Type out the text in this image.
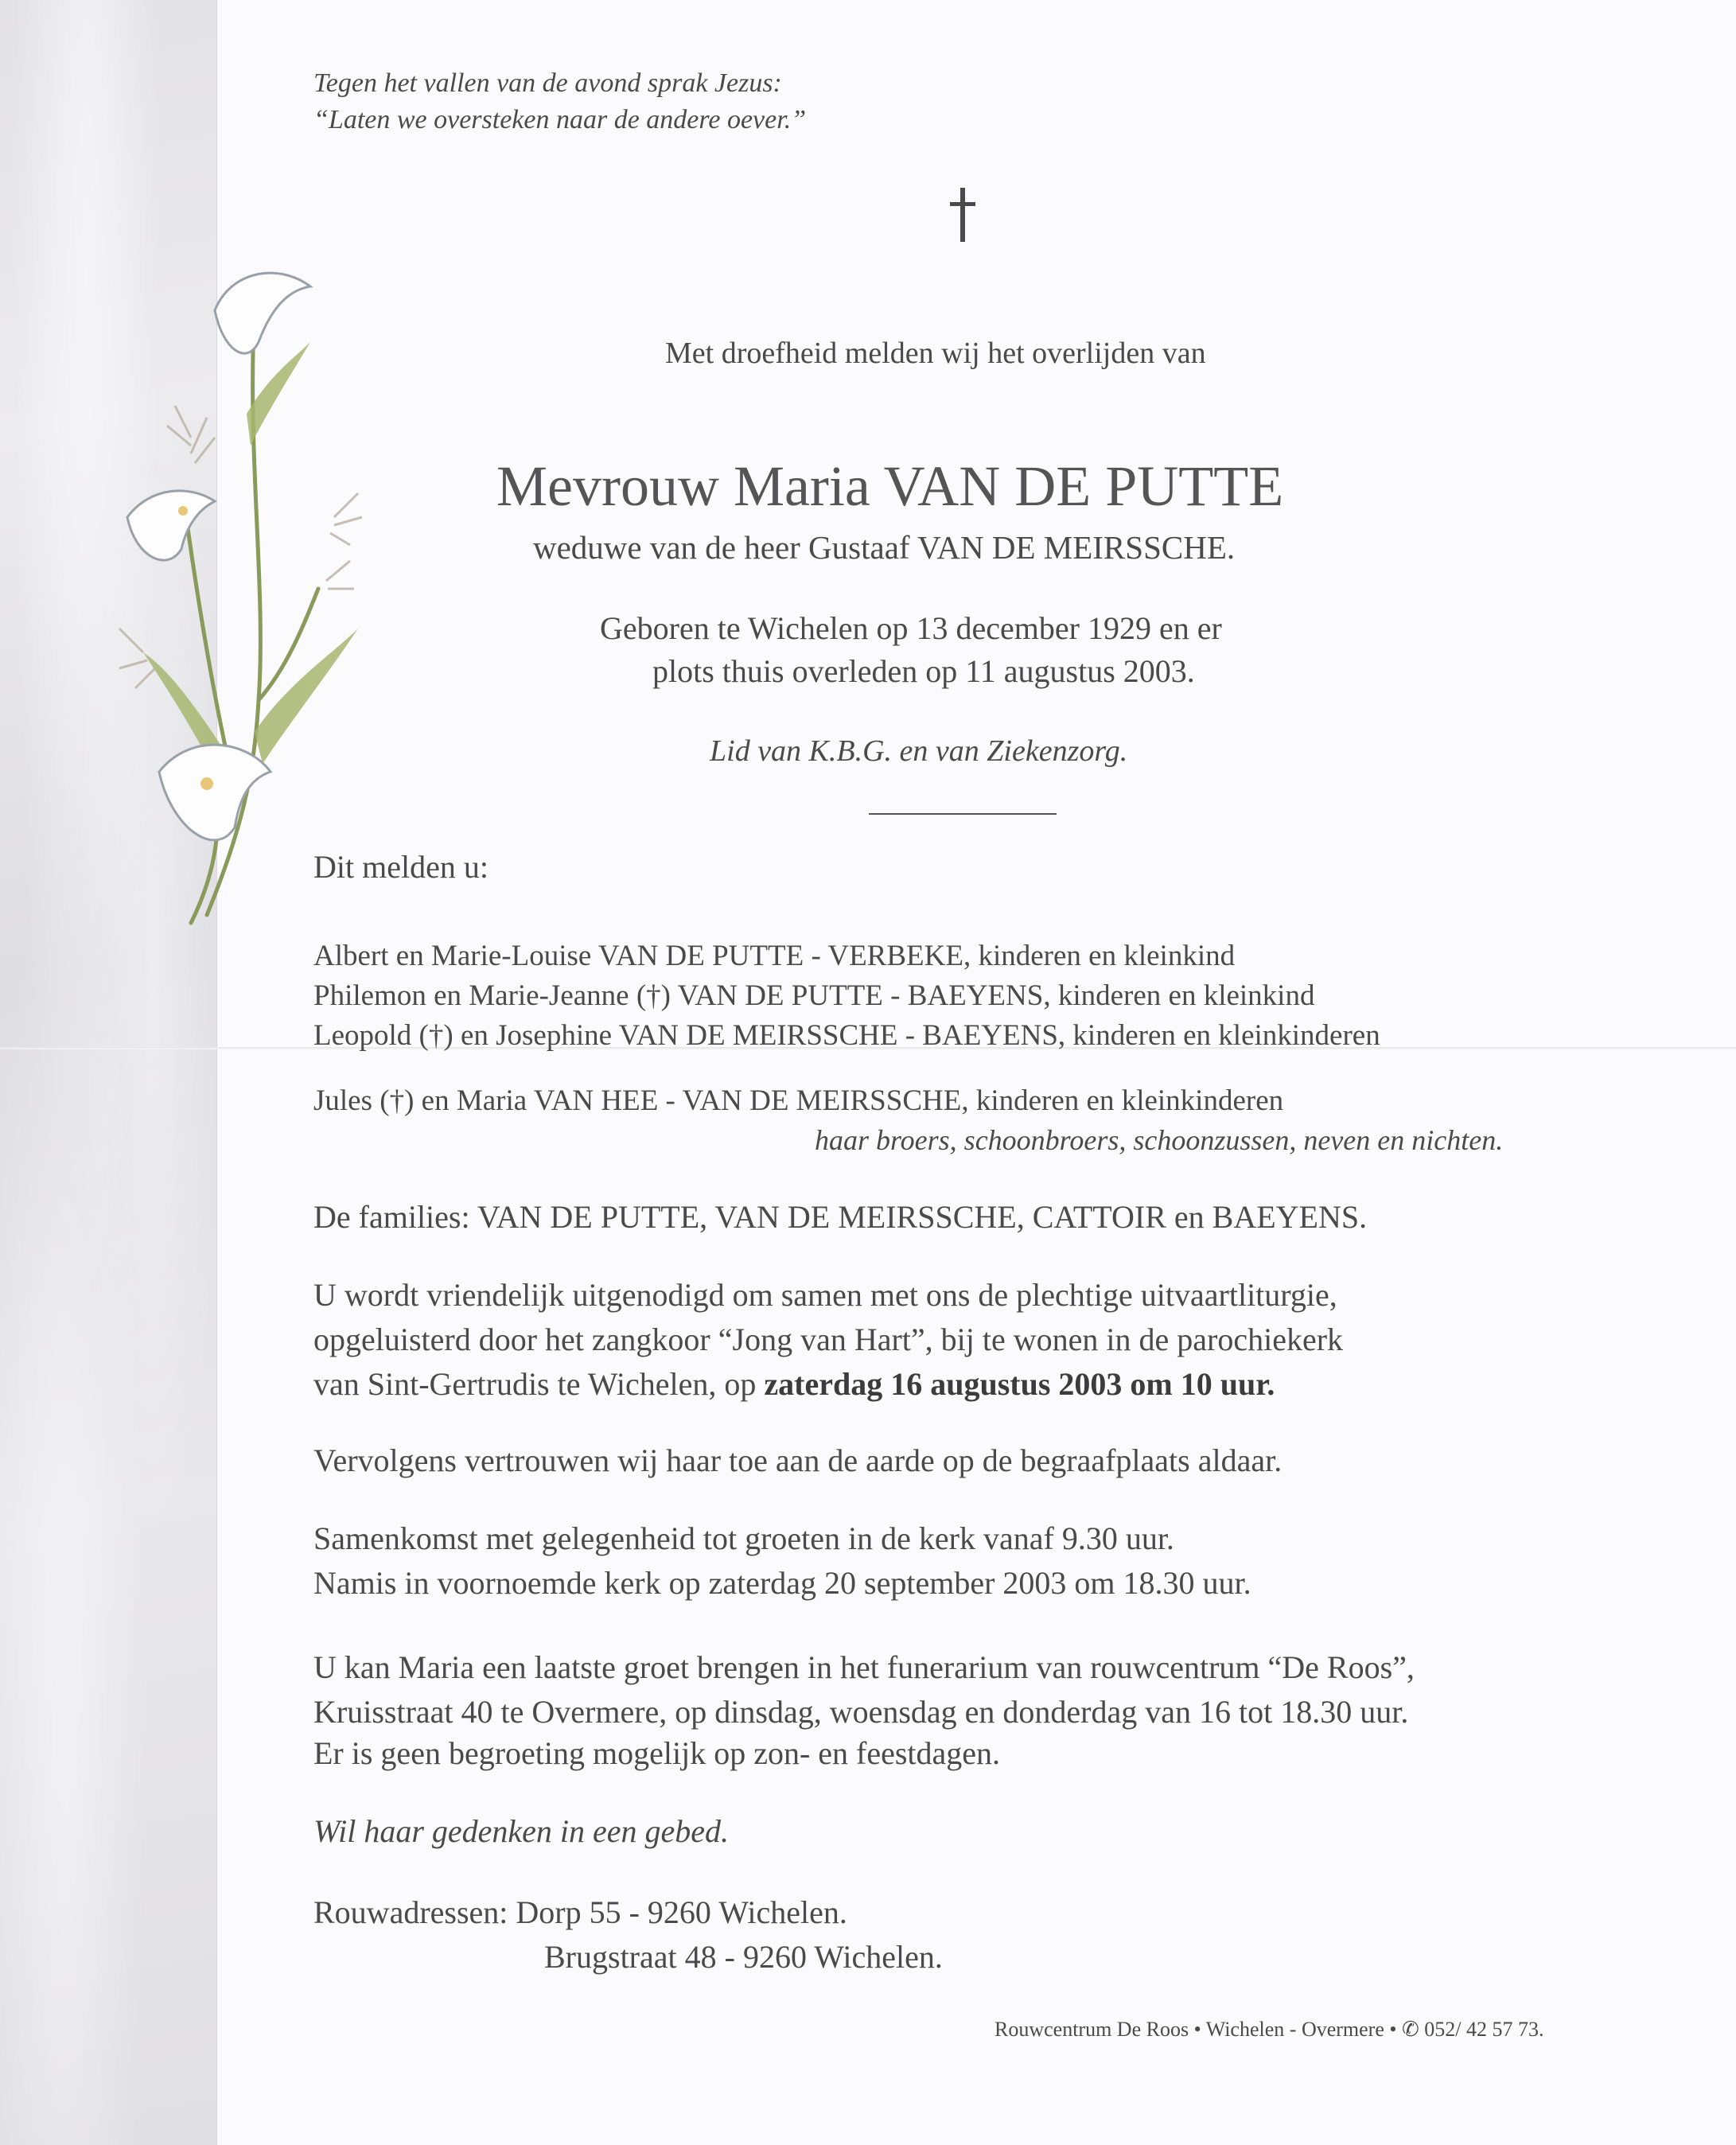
Tegen het vallen van de avond sprak Jezus:

“Laten we oversteken naar de andere oever.”

Met droefheid melden wij het overlijden van

Mevrouw Maria VAN DE PUTTE

weduwe van de heer Gustaaf VAN DE MEIRSSCHE.

Geboren te Wichelen op 13 december 1929 en er

plots thuis overleden op 11 augustus 2003.

Lid van K.B.G. en van Ziekenzorg.

Dit melden u:

Albert en Marie-Louise VAN DE PUTTE - VERBEKE, kinderen en kleinkind

Philemon en Marie-Jeanne (†) VAN DE PUTTE - BAEYENS, kinderen en kleinkind

Leopold (†) en Josephine VAN DE MEIRSSCHE - BAEYENS, kinderen en kleinkinderen

Jules (†) en Maria VAN HEE - VAN DE MEIRSSCHE, kinderen en kleinkinderen

haar broers, schoonbroers, schoonzussen, neven en nichten.

De families: VAN DE PUTTE, VAN DE MEIRSSCHE, CATTOIR en BAEYENS.

U wordt vriendelijk uitgenodigd om samen met ons de plechtige uitvaartliturgie,

opgeluisterd door het zangkoor “Jong van Hart”, bij te wonen in de parochiekerk

van Sint-Gertrudis te Wichelen, op zaterdag 16 augustus 2003 om 10 uur.

Vervolgens vertrouwen wij haar toe aan de aarde op de begraafplaats aldaar.

Samenkomst met gelegenheid tot groeten in de kerk vanaf 9.30 uur.

Namis in voornoemde kerk op zaterdag 20 september 2003 om 18.30 uur.

U kan Maria een laatste groet brengen in het funerarium van rouwcentrum “De Roos”,

Kruisstraat 40 te Overmere, op dinsdag, woensdag en donderdag van 16 tot 18.30 uur.

Er is geen begroeting mogelijk op zon- en feestdagen.

Wil haar gedenken in een gebed.

Rouwadressen: Dorp 55 - 9260 Wichelen.

Brugstraat 48 - 9260 Wichelen.

Rouwcentrum De Roos • Wichelen - Overmere • ✆ 052/ 42 57 73.
